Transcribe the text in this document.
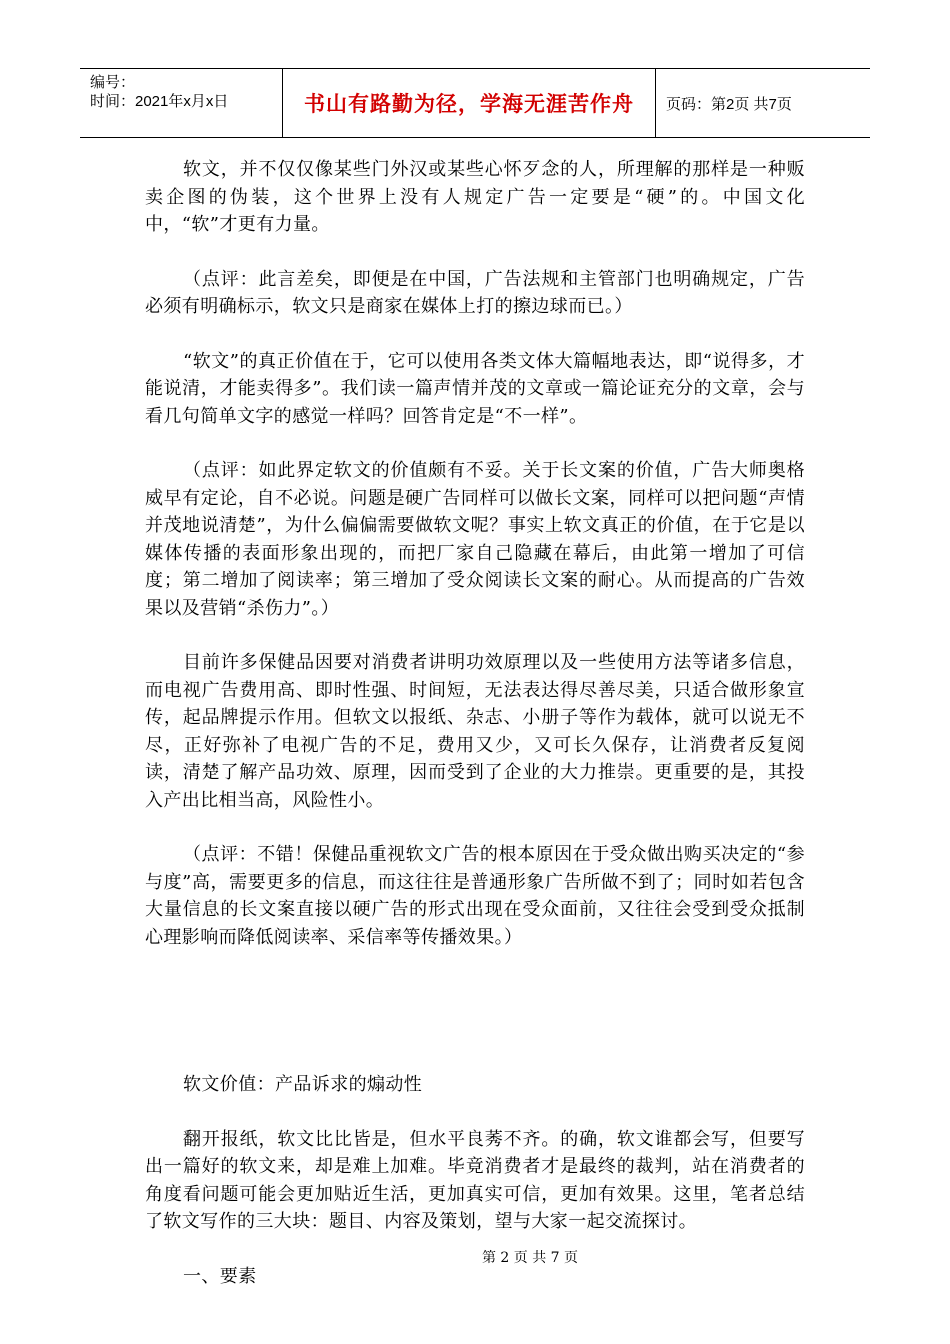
编号：
时间：2021年x月x日	书山有路勤为径，学海无涯苦作舟	页码：第2页 共7页

软文，并不仅仅像某些门外汉或某些心怀歹念的人，所理解的那样是一种贩卖企图的伪装，这个世界上没有人规定广告一定要是“硬”的。中国文化中，“软”才更有力量。

（点评：此言差矣，即便是在中国，广告法规和主管部门也明确规定，广告必须有明确标示，软文只是商家在媒体上打的擦边球而已。）

“软文”的真正价值在于，它可以使用各类文体大篇幅地表达，即“说得多，才能说清，才能卖得多”。我们读一篇声情并茂的文章或一篇论证充分的文章，会与看几句简单文字的感觉一样吗？回答肯定是“不一样”。

（点评：如此界定软文的价值颇有不妥。关于长文案的价值，广告大师奥格威早有定论，自不必说。问题是硬广告同样可以做长文案，同样可以把问题“声情并茂地说清楚”，为什么偏偏需要做软文呢？事实上软文真正的价值，在于它是以媒体传播的表面形象出现的，而把厂家自己隐藏在幕后，由此第一增加了可信度；第二增加了阅读率；第三增加了受众阅读长文案的耐心。从而提高的广告效果以及营销“杀伤力”。）

目前许多保健品因要对消费者讲明功效原理以及一些使用方法等诸多信息，而电视广告费用高、即时性强、时间短，无法表达得尽善尽美，只适合做形象宣传，起品牌提示作用。但软文以报纸、杂志、小册子等作为载体，就可以说无不尽，正好弥补了电视广告的不足，费用又少，又可长久保存，让消费者反复阅读，清楚了解产品功效、原理，因而受到了企业的大力推崇。更重要的是，其投入产出比相当高，风险性小。

（点评：不错！保健品重视软文广告的根本原因在于受众做出购买决定的“参与度”高，需要更多的信息，而这往往是普通形象广告所做不到了；同时如若包含大量信息的长文案直接以硬广告的形式出现在受众面前，又往往会受到受众抵制心理影响而降低阅读率、采信率等传播效果。）

软文价值：产品诉求的煽动性

翻开报纸，软文比比皆是，但水平良莠不齐。的确，软文谁都会写，但要写出一篇好的软文来，却是难上加难。毕竟消费者才是最终的裁判，站在消费者的角度看问题可能会更加贴近生活，更加真实可信，更加有效果。这里，笔者总结了软文写作的三大块：题目、内容及策划，望与大家一起交流探讨。

一、要素

第 2 页 共 7 页
